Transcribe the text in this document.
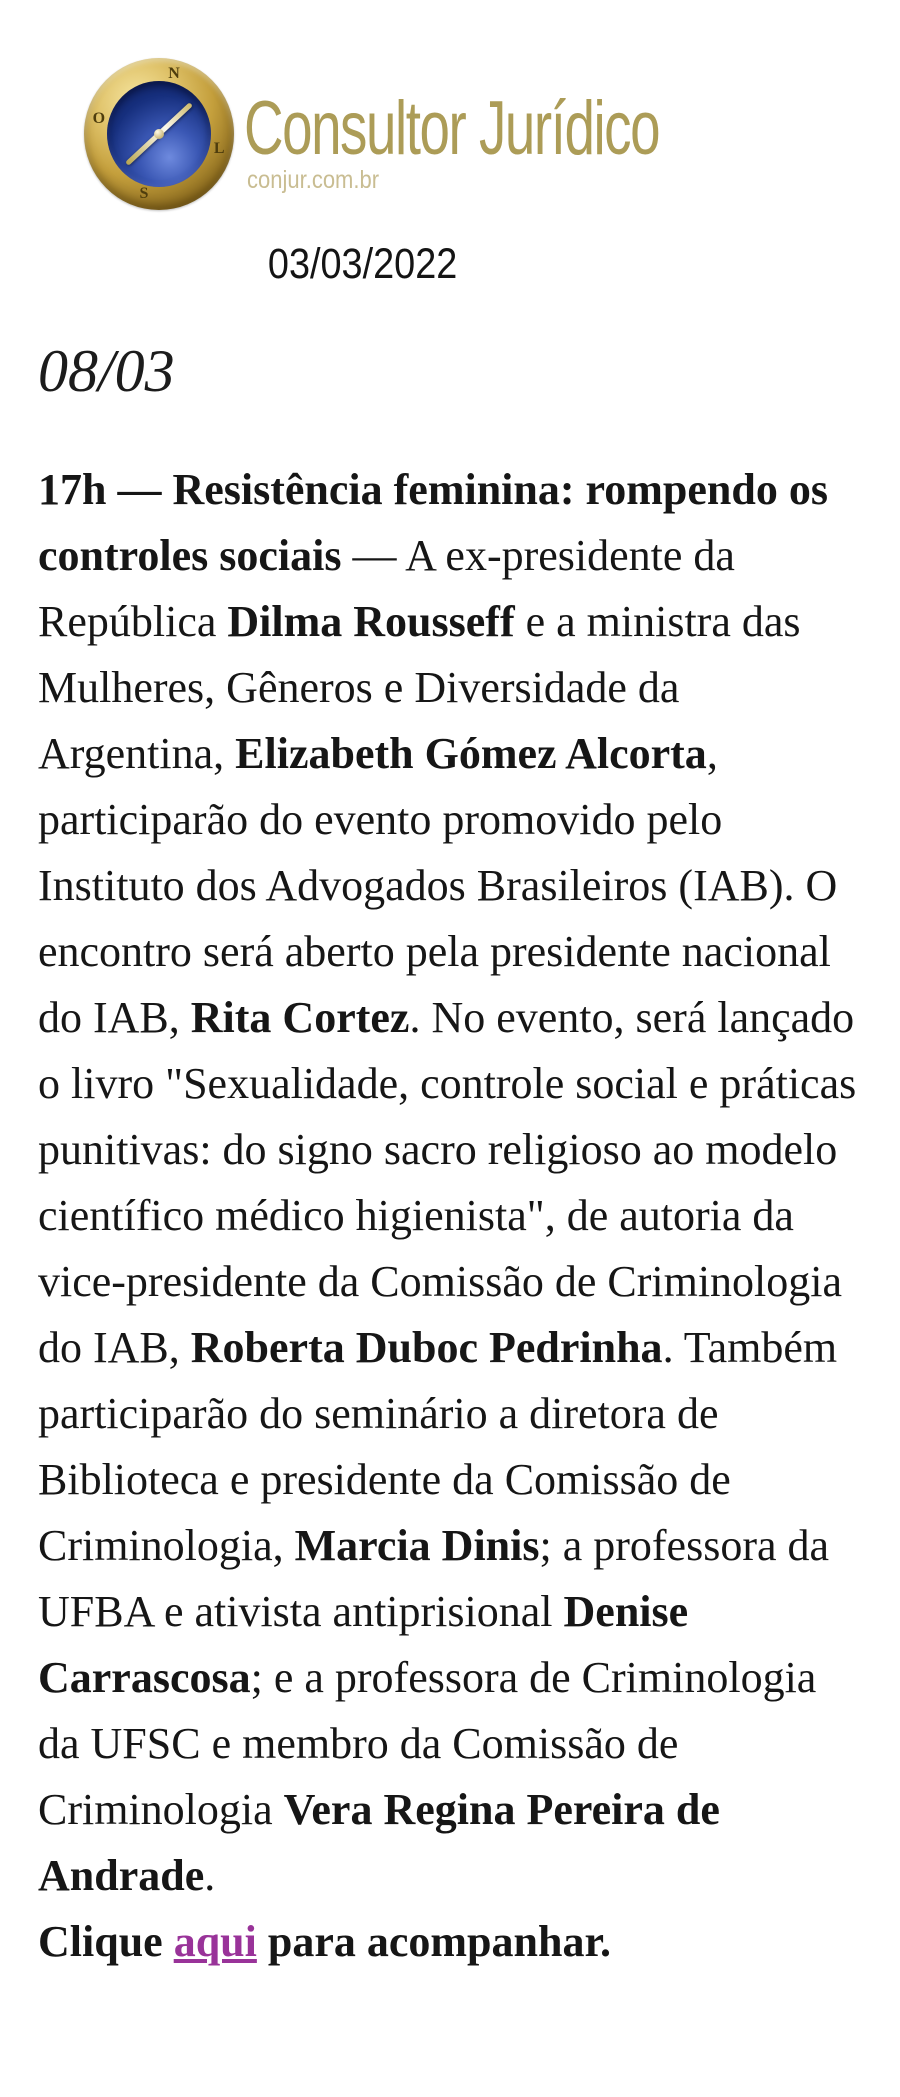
N
L
S
O Consultor Jurídico
conjur.com.br
03/03/2022
08/03

17h — Resistência feminina: rompendo os controles sociais — A ex-presidente da República Dilma Rousseff e a ministra das Mulheres, Gêneros e Diversidade da Argentina, Elizabeth Gómez Alcorta, participarão do evento promovido pelo Instituto dos Advogados Brasileiros (IAB). O encontro será aberto pela presidente nacional do IAB, Rita Cortez. No evento, será lançado o livro "Sexualidade, controle social e práticas punitivas: do signo sacro religioso ao modelo científico médico higienista", de autoria da vice-presidente da Comissão de Criminologia do IAB, Roberta Duboc Pedrinha. Também participarão do seminário a diretora de Biblioteca e presidente da Comissão de Criminologia, Marcia Dinis; a professora da UFBA e ativista antiprisional Denise Carrascosa; e a professora de Criminologia da UFSC e membro da Comissão de Criminologia Vera Regina Pereira de Andrade.

Clique aqui para acompanhar.
